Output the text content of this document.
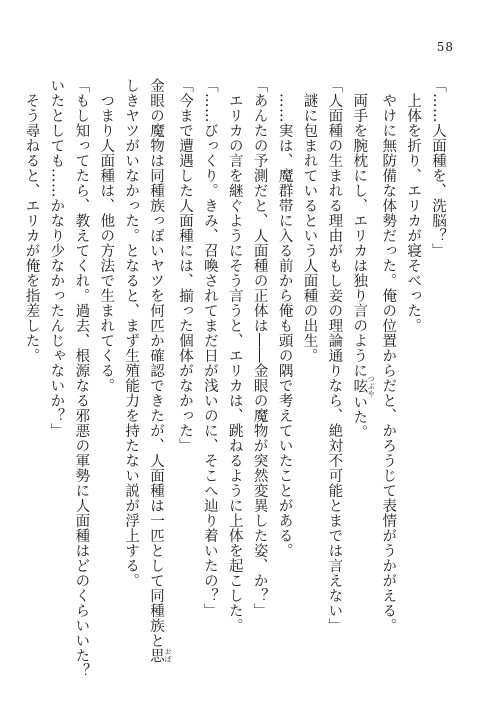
58
「……人面種を、洗脳？」
上体を折り、エリカが寝そべった。
やけに無防備な体勢だった。俺の位置からだと、かろうじて表情がうかがえる。
両手を腕枕にし、エリカは独り言のように呟 つぶやいた。
「人面種の生まれる理由がもし妾の理論通りなら、絶対不可能とまでは言えない」
謎に包まれているという人面種の出生。
……実は、魔群帯に入る前から俺も頭の隅で考えていたことがある。
「あんたの予測だと、人面種の正体は――金眼の魔物が突然変異した姿、か？」
エリカの言を継ぐようにそう言うと、エリカは、跳ねるように上体を起こした。
「……びっくり。きみ、召喚されてまだ日が浅いのに、そこへ辿り着いたの？」
「今まで遭遇した人面種には、揃った個体がなかった」
金眼の魔物は同種族っぽいヤツを何匹か確認できたが、人面種は一匹として同種族と思 おぼ
しきヤツがいなかった。となると、まず生殖能力を持たない説が浮上する。
つまり人面種は、他の方法で生まれてくる。
「もし知ってたら、教えてくれ。過去、根源なる邪悪の軍勢に人面種はどのくらいいた？
いたとしても……かなり少なかったんじゃないか？」
そう尋ねると、エリカが俺を指差した。
